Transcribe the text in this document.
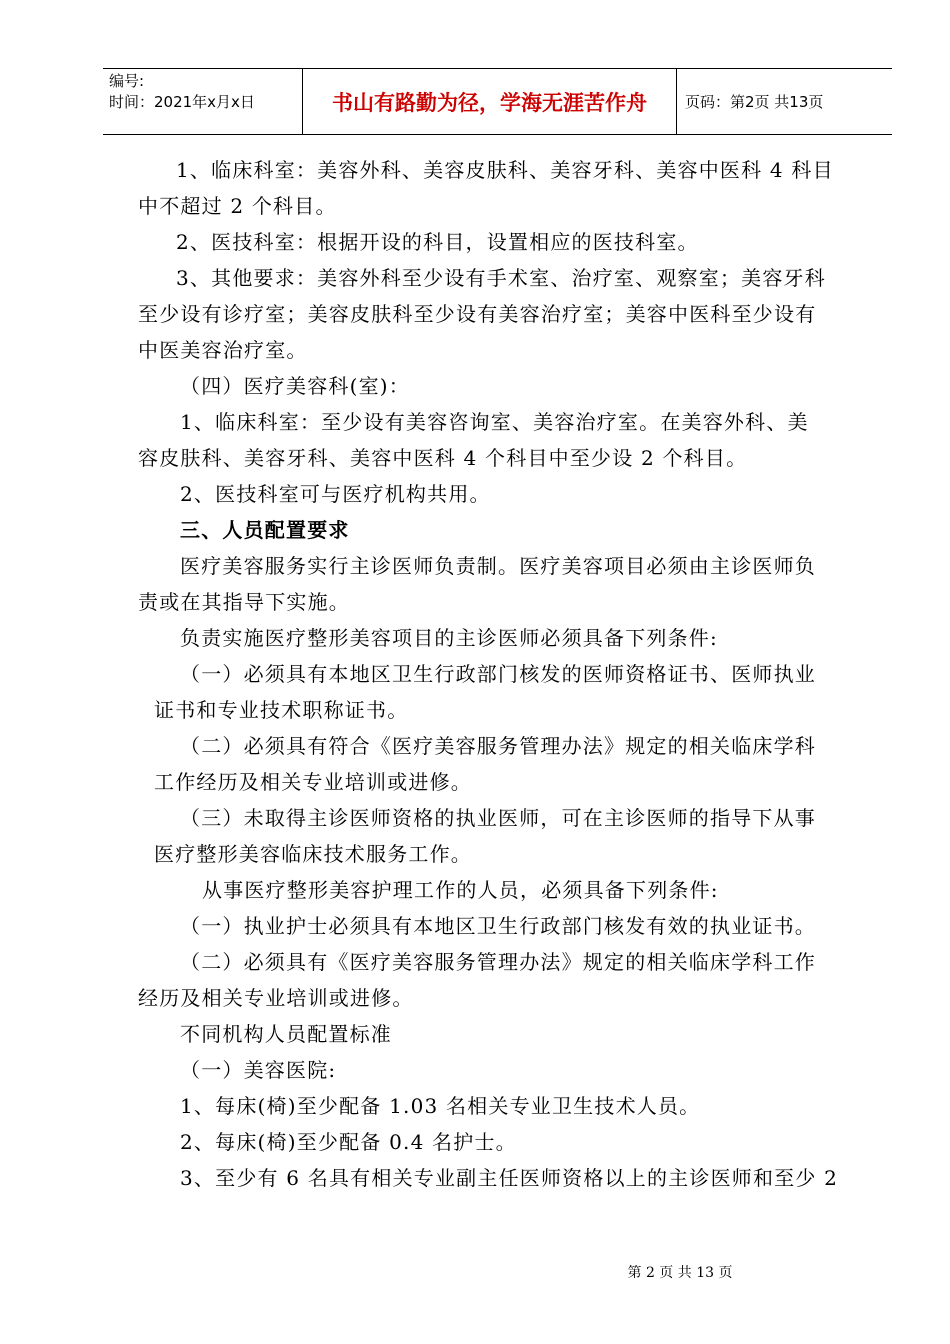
编号:
时间：2021年x月x日	书山有路勤为径，学海无涯苦作舟	页码：第2页 共13页

1、临床科室：美容外科、美容皮肤科、美容牙科、美容中医科 4 科目

中不超过 2 个科目。

2、医技科室：根据开设的科目，设置相应的医技科室。

3、其他要求：美容外科至少设有手术室、治疗室、观察室；美容牙科

至少设有诊疗室；美容皮肤科至少设有美容治疗室；美容中医科至少设有

中医美容治疗室。

（四）医疗美容科(室)：

1、临床科室：至少设有美容咨询室、美容治疗室。在美容外科、美

容皮肤科、美容牙科、美容中医科 4 个科目中至少设 2 个科目。

2、医技科室可与医疗机构共用。

三、人员配置要求

医疗美容服务实行主诊医师负责制。医疗美容项目必须由主诊医师负

责或在其指导下实施。

负责实施医疗整形美容项目的主诊医师必须具备下列条件:

（一）必须具有本地区卫生行政部门核发的医师资格证书、医师执业

证书和专业技术职称证书。

（二）必须具有符合《医疗美容服务管理办法》规定的相关临床学科

工作经历及相关专业培训或进修。

（三）未取得主诊医师资格的执业医师，可在主诊医师的指导下从事

医疗整形美容临床技术服务工作。

从事医疗整形美容护理工作的人员，必须具备下列条件:

（一）执业护士必须具有本地区卫生行政部门核发有效的执业证书。

（二）必须具有《医疗美容服务管理办法》规定的相关临床学科工作

经历及相关专业培训或进修。

不同机构人员配置标准

（一）美容医院:

1、每床(椅)至少配备 1.03 名相关专业卫生技术人员。

2、每床(椅)至少配备 0.4 名护士。

3、至少有 6 名具有相关专业副主任医师资格以上的主诊医师和至少 2

第 2 页 共 13 页
